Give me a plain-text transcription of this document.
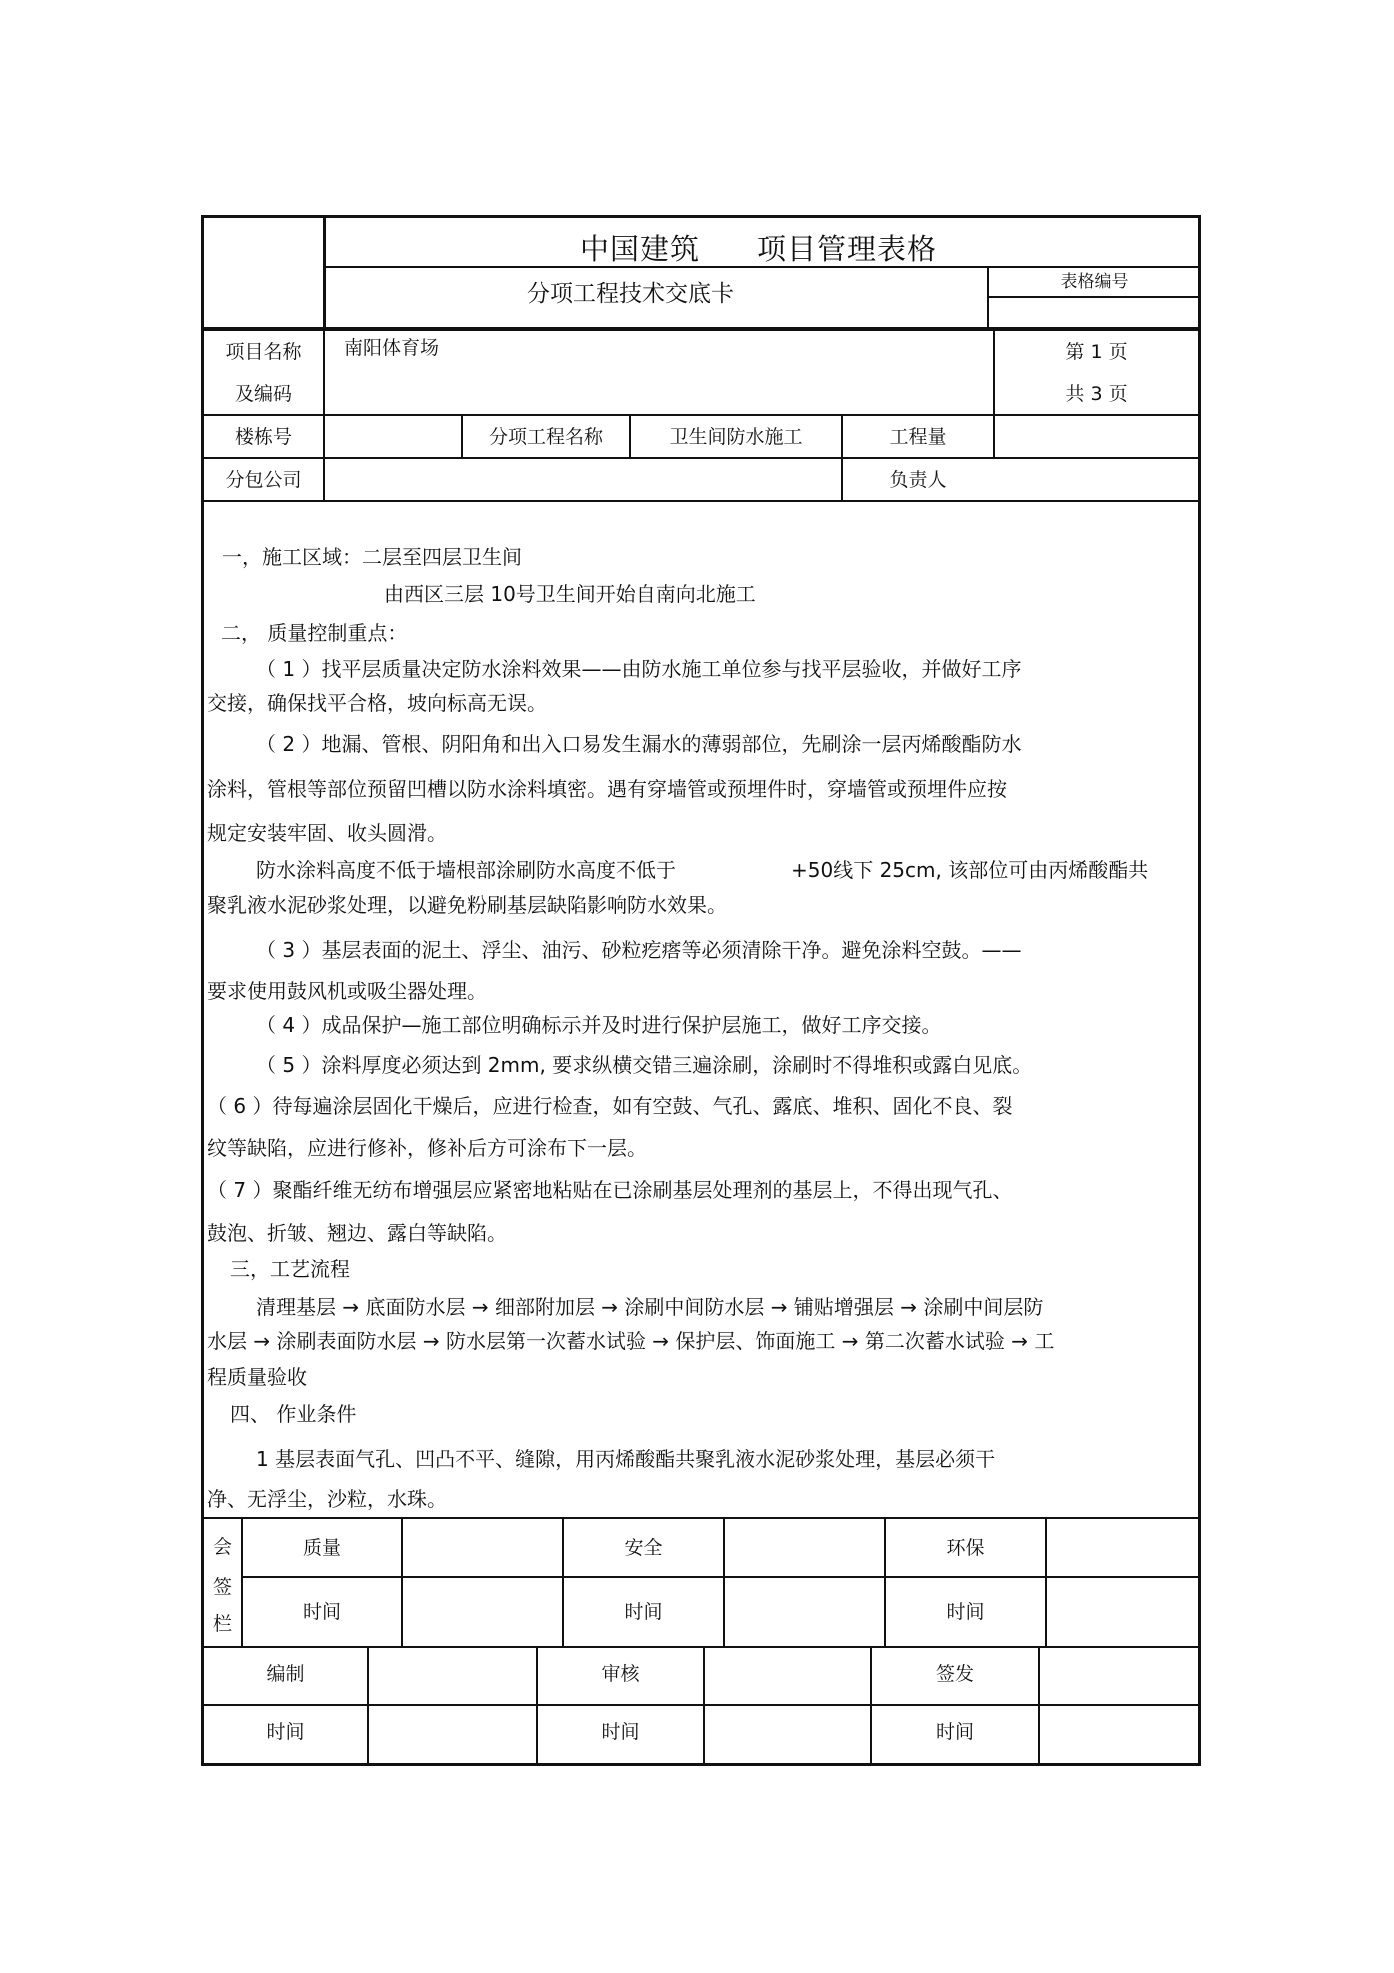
中国建筑 项目管理表格
分项工程技术交底卡	表格编号
项目名称
及编码
南阳体育场	第 1 页
共 3 页
楼栋号	分项工程名称	卫生间防水施工	工程量
分包公司	负责人
一，施工区域：二层至四层卫生间
由西区三层 10号卫生间开始自南向北施工
二， 质量控制重点：
（ 1 ）找平层质量决定防水涂料效果——由防水施工单位参与找平层验收，并做好工序
交接，确保找平合格，坡向标高无误。
（ 2 ）地漏、管根、阴阳角和出入口易发生漏水的薄弱部位，先刷涂一层丙烯酸酯防水
涂料，管根等部位预留凹槽以防水涂料填密。遇有穿墙管或预埋件时，穿墙管或预埋件应按
规定安装牢固、收头圆滑。
防水涂料高度不低于墙根部涂刷防水高度不低于	+50线下 25cm, 该部位可由丙烯酸酯共
聚乳液水泥砂浆处理，以避免粉刷基层缺陷影响防水效果。
（ 3 ）基层表面的泥土、浮尘、油污、砂粒疙瘩等必须清除干净。避免涂料空鼓。——
要求使用鼓风机或吸尘器处理。
（ 4 ）成品保护—施工部位明确标示并及时进行保护层施工，做好工序交接。
（ 5 ）涂料厚度必须达到 2mm, 要求纵横交错三遍涂刷，涂刷时不得堆积或露白见底。
（ 6 ）待每遍涂层固化干燥后，应进行检查，如有空鼓、气孔、露底、堆积、固化不良、裂
纹等缺陷，应进行修补，修补后方可涂布下一层。
（ 7 ）聚酯纤维无纺布增强层应紧密地粘贴在已涂刷基层处理剂的基层上，不得出现气孔、
鼓泡、折皱、翘边、露白等缺陷。
三，工艺流程
清理基层 → 底面防水层 → 细部附加层 → 涂刷中间防水层 → 铺贴增强层 → 涂刷中间层防
水层 → 涂刷表面防水层 → 防水层第一次蓄水试验 → 保护层、饰面施工 → 第二次蓄水试验 → 工
程质量验收
四、 作业条件
1 基层表面气孔、凹凸不平、缝隙，用丙烯酸酯共聚乳液水泥砂浆处理，基层必须干
净、无浮尘，沙粒，水珠。
会
签
栏
质量	安全	环保
时间	时间	时间
编制	审核	签发
时间	时间	时间
